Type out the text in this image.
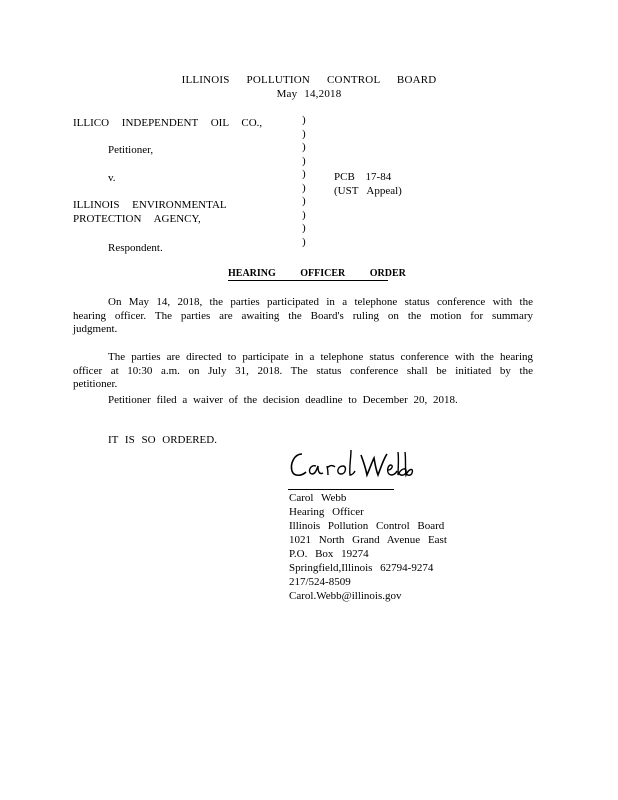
ILLINOIS POLLUTION CONTROL BOARD
May 14,2018
ILLICO INDEPENDENT OIL CO.,
Petitioner,
v.
ILLINOIS ENVIRONMENTAL
PROTECTION AGENCY,
Respondent.
)
)
)
)
)
)
)
)
)
)
PCB 17-84
(UST Appeal)
HEARING OFFICER ORDER
On May 14, 2018, the parties participated in a telephone status conference with the hearing officer. The parties are awaiting the Board's ruling on the motion for summary judgment.
The parties are directed to participate in a telephone status conference with the hearing officer at 10:30 a.m. on July 31, 2018. The status conference shall be initiated by the petitioner.
Petitioner filed a waiver of the decision deadline to December 20, 2018.
IT IS SO ORDERED.
Carol Webb
Hearing Officer
Illinois Pollution Control Board
1021 North Grand Avenue East
P.O. Box 19274
Springfield,Illinois 62794-9274
217/524-8509
Carol.Webb@illinois.gov
